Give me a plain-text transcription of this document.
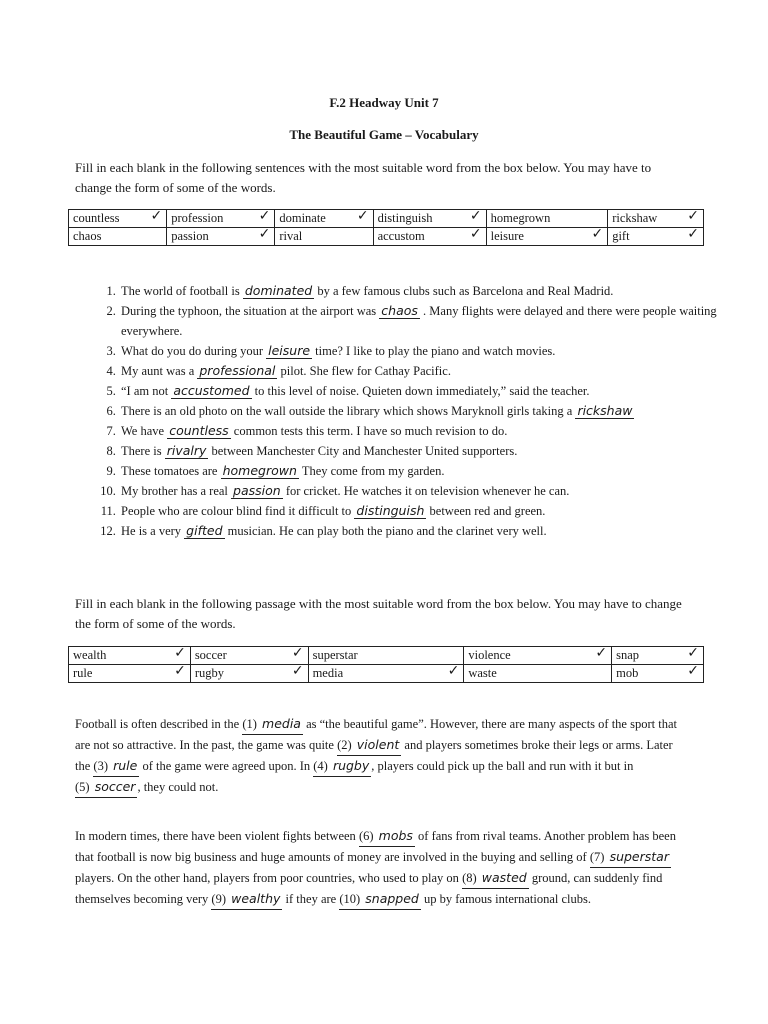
F.2 Headway Unit 7
The Beautiful Game – Vocabulary
Fill in each blank in the following sentences with the most suitable word from the box below. You may have to change the form of some of the words.
countless ✓	profession ✓	dominate ✓	distinguish ✓	homegrown	rickshaw ✓

chaos	passion ✓	rival	accustom ✓	leisure ✓	gift ✓
1. The world of football is dominated by a few famous clubs such as Barcelona and Real Madrid.
2. During the typhoon, the situation at the airport was chaos . Many flights were delayed and there were people waiting everywhere.
3. What do you do during your leisure time? I like to play the piano and watch movies.
4. My aunt was a professional pilot. She flew for Cathay Pacific.
5. “I am not accustomed to this level of noise. Quieten down immediately,” said the teacher.
6. There is an old photo on the wall outside the library which shows Maryknoll girls taking a rickshaw
7. We have countless common tests this term. I have so much revision to do.
8. There is rivalry between Manchester City and Manchester United supporters.
9. These tomatoes are homegrown They come from my garden.
10. My brother has a real passion for cricket. He watches it on television whenever he can.
11. People who are colour blind find it difficult to distinguish between red and green.
12. He is a very gifted musician. He can play both the piano and the clarinet very well.
Fill in each blank in the following passage with the most suitable word from the box below. You may have to change the form of some of the words.
wealth ✓	soccer ✓	superstar	violence ✓	snap ✓

rule ✓	rugby ✓	media ✓	waste	mob ✓
Football is often described in the (1) media as “the beautiful game”. However, there are many aspects of the sport that are not so attractive. In the past, the game was quite (2) violent and players sometimes broke their legs or arms. Later the (3) rule of the game were agreed upon. In (4) rugby , players could pick up the ball and run with it but in (5) soccer , they could not.
In modern times, there have been violent fights between (6) mobs of fans from rival teams. Another problem has been that football is now big business and huge amounts of money are involved in the buying and selling of (7) superstar players. On the other hand, players from poor countries, who used to play on (8) wasted ground, can suddenly find themselves becoming very (9) wealthy if they are (10) snapped up by famous international clubs.
